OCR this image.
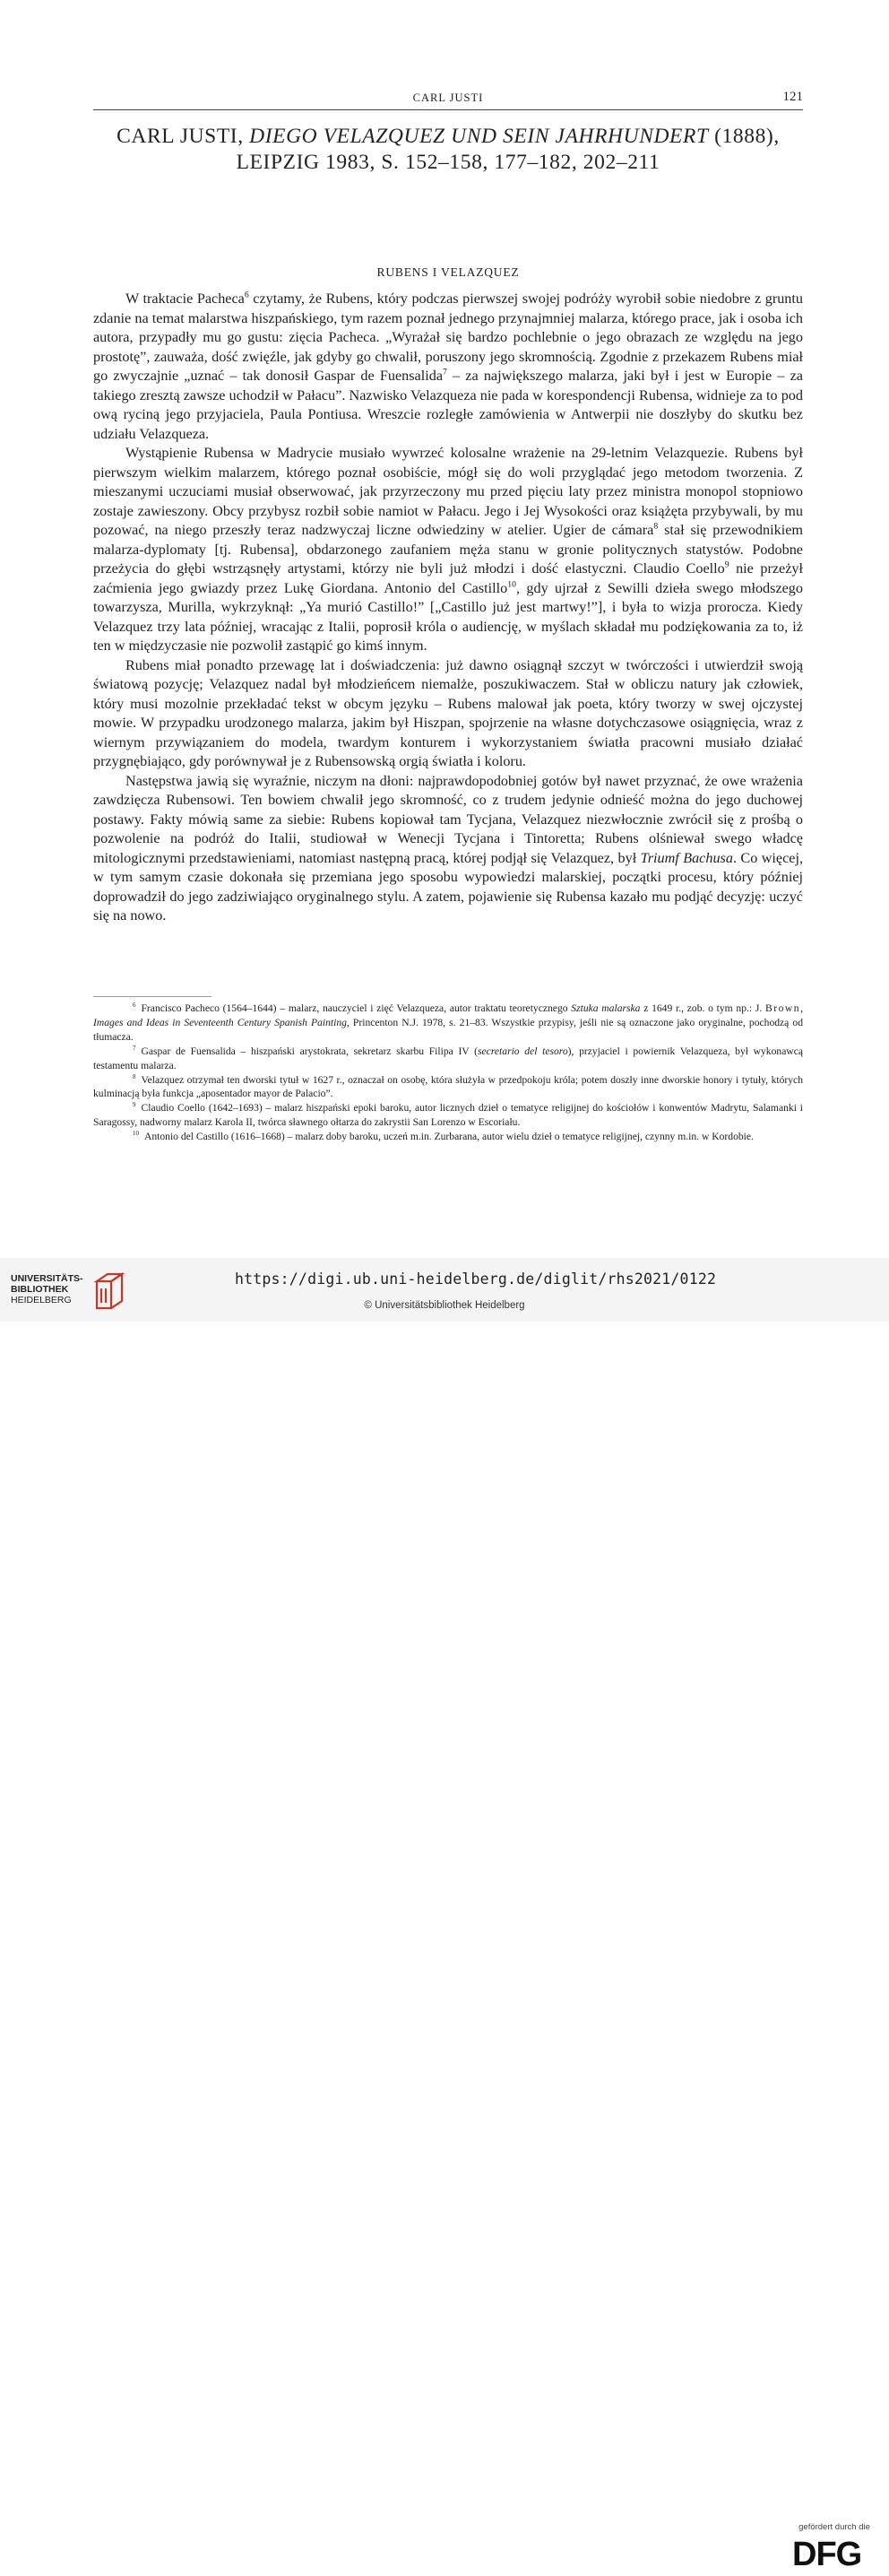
CARL JUSTI	121
CARL JUSTI, DIEGO VELAZQUEZ UND SEIN JAHRHUNDERT (1888),
LEIPZIG 1983, S. 152–158, 177–182, 202–211
RUBENS I VELAZQUEZ

W traktacie Pacheca$^6$ czytamy, że Rubens, który podczas pierwszej swojej podróży wyrobił sobie niedobre z gruntu zdanie na temat malarstwa hiszpańskiego, tym razem poznał jednego przynajmniej malarza, którego prace, jak i osoba ich autora, przypadły mu go gustu: zięcia Pacheca. „Wyrażał się bardzo pochlebnie o jego obrazach ze względu na jego prostotę”, zauważa, dość zwięźle, jak gdyby go chwalił, poruszony jego skromnością. Zgodnie z przekazem Rubens miał go zwyczajnie „uznać – tak donosił Gaspar de Fuensalida$^7$ – za największego malarza, jaki był i jest w Europie – za takiego zresztą zawsze uchodził w Pałacu”. Nazwisko Velazqueza nie pada w korespondencji Rubensa, widnieje za to pod ową ryciną jego przyjaciela, Paula Pontiusa. Wreszcie rozległe zamówienia w Antwerpii nie doszłyby do skutku bez udziału Velazqueza.

Wystąpienie Rubensa w Madrycie musiało wywrzeć kolosalne wrażenie na 29-letnim Velazquezie. Rubens był pierwszym wielkim malarzem, którego poznał osobiście, mógł się do woli przyglądać jego metodom tworzenia. Z mieszanymi uczuciami musiał obserwować, jak przyrzeczony mu przed pięciu laty przez ministra monopol stopniowo zostaje zawieszony. Obcy przybysz rozbił sobie namiot w Pałacu. Jego i Jej Wysokości oraz książęta przybywali, by mu pozować, na niego przeszły teraz nadzwyczaj liczne odwiedziny w atelier. Ugier de cámara$^8$ stał się przewodnikiem malarza-dyplomaty [tj. Rubensa], obdarzonego zaufaniem męża stanu w gronie politycznych statystów. Podobne przeżycia do głębi wstrząsnęły artystami, którzy nie byli już młodzi i dość elastyczni. Claudio Coello$^9$ nie przeżył zaćmienia jego gwiazdy przez Lukę Giordana. Antonio del Castillo$^{10}$, gdy ujrzał z Sewilli dzieła swego młodszego towarzysza, Murilla, wykrzyknął: „Ya murió Castillo!” [„Castillo już jest martwy!”], i była to wizja prorocza. Kiedy Velazquez trzy lata później, wracając z Italii, poprosił króla o audiencję, w myślach składał mu podziękowania za to, iż ten w międzyczasie nie pozwolił zastąpić go kimś innym.

Rubens miał ponadto przewagę lat i doświadczenia: już dawno osiągnął szczyt w twórczości i utwierdził swoją światową pozycję; Velazquez nadal był młodzieńcem niemalże, poszukiwaczem. Stał w obliczu natury jak człowiek, który musi mozolnie przekładać tekst w obcym języku – Rubens malował jak poeta, który tworzy w swej ojczystej mowie. W przypadku urodzonego malarza, jakim był Hiszpan, spojrzenie na własne dotychczasowe osiągnięcia, wraz z wiernym przywiązaniem do modela, twardym konturem i wykorzystaniem światła pracowni musiało działać przygnębiająco, gdy porównywał je z Rubensowską orgią światła i koloru.

Następstwa jawią się wyraźnie, niczym na dłoni: najprawdopodobniej gotów był nawet przyznać, że owe wrażenia zawdzięcza Rubensowi. Ten bowiem chwalił jego skromność, co z trudem jedynie odnieść można do jego duchowej postawy. Fakty mówią same za siebie: Rubens kopiował tam Tycjana, Velazquez niezwłocznie zwrócił się z prośbą o pozwolenie na podróż do Italii, studiował w Wenecji Tycjana i Tintoretta; Rubens olśniewał swego władcę mitologicznymi przedstawieniami, natomiast następną pracą, której podjął się Velazquez, był Triumf Bachusa. Co więcej, w tym samym czasie dokonała się przemiana jego sposobu wypowiedzi malarskiej, początki procesu, który później doprowadził do jego zadziwiająco oryginalnego stylu. A zatem, pojawienie się Rubensa kazało mu podjąć decyzję: uczyć się na nowo.

$^6$ Francisco Pacheco (1564–1644) – malarz, nauczyciel i zięć Velazqueza, autor traktatu teoretycznego Sztuka malarska z 1649 r., zob. o tym np.: J. Brown, Images and Ideas in Seventeenth Century Spanish Painting, Princenton N.J. 1978, s. 21–83. Wszystkie przypisy, jeśli nie są oznaczone jako oryginalne, pochodzą od tłumacza.

$^7$ Gaspar de Fuensalida – hiszpański arystokrata, sekretarz skarbu Filipa IV (secretario del tesoro), przyjaciel i powiernik Velazqueza, był wykonawcą testamentu malarza.

$^8$ Velazquez otrzymał ten dworski tytuł w 1627 r., oznaczał on osobę, która służyła w przedpokoju króla; potem doszły inne dworskie honory i tytuły, których kulminacją była funkcja „aposentador mayor de Palacio”.

$^9$ Claudio Coello (1642–1693) – malarz hiszpański epoki baroku, autor licznych dzieł o tematyce religijnej do kościołów i konwentów Madrytu, Salamanki i Saragossy, nadworny malarz Karola II, twórca sławnego ołtarza do zakrystii San Lorenzo w Escoriału.

$^{10}$ Antonio del Castillo (1616–1668) – malarz doby baroku, uczeń m.in. Zurbarana, autor wielu dzieł o tematyce religijnej, czynny m.in. w Kordobie.

UNIVERSITÄTS-
BIBLIOTHEK
HEIDELBERG
gefördert durch die
DFG
https://digi.ub.uni-heidelberg.de/diglit/rhs2021/0122
© Universitätsbibliothek Heidelberg
